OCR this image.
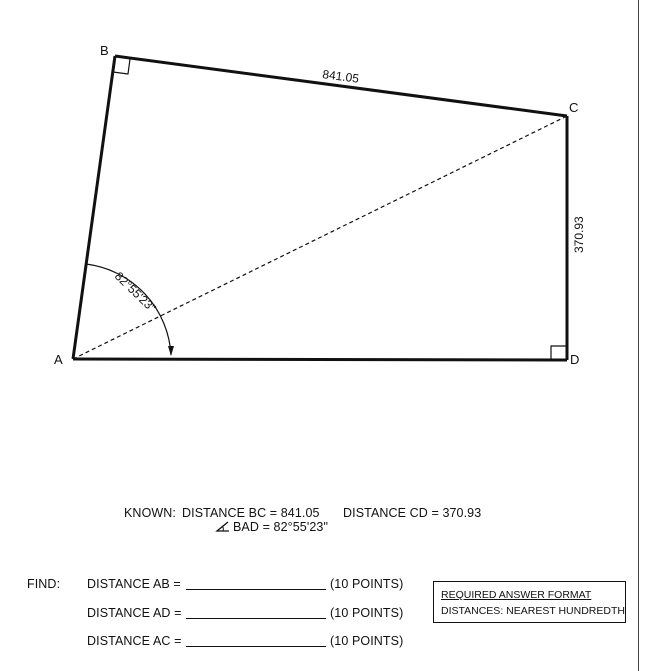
A
B
C
D
841.05
370.93
82°55'23"
KNOWN: DISTANCE BC = 841.05 DISTANCE CD = 370.93
BAD = 82°55'23"
FIND: DISTANCE AB =	(10 POINTS)
DISTANCE AD =	(10 POINTS)
DISTANCE AC =	(10 POINTS)
REQUIRED ANSWER FORMAT
DISTANCES: NEAREST HUNDREDTH
